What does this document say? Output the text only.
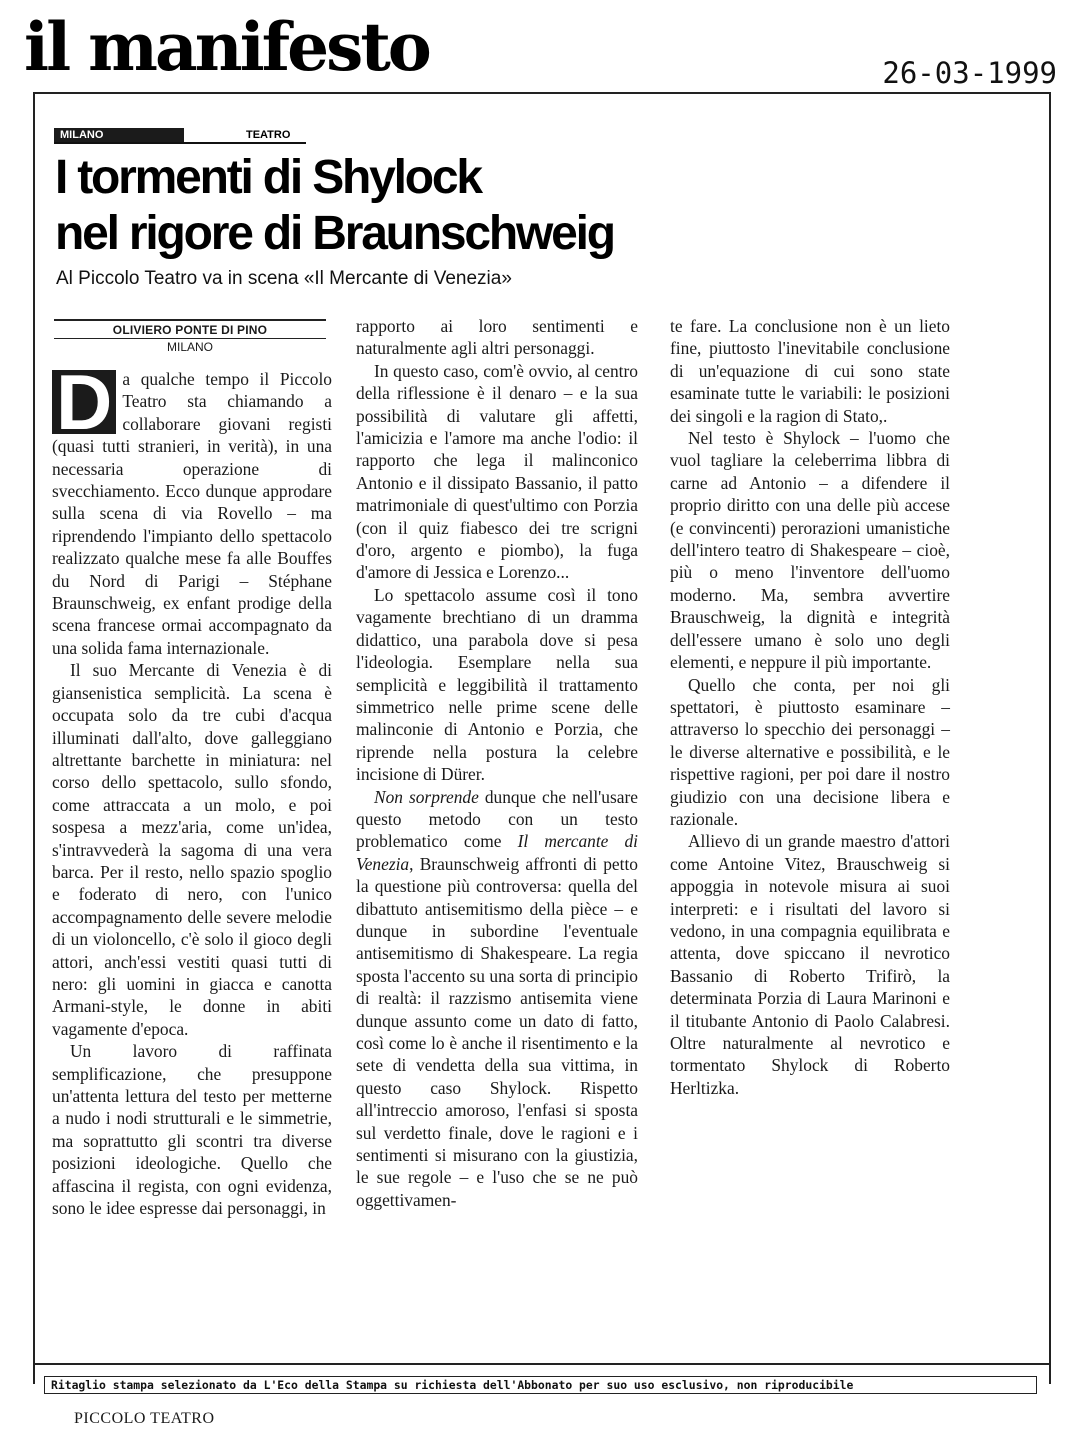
il manifesto	26-03-1999
MILANO	TEATRO
I tormenti di Shylock
nel rigore di Braunschweig
Al Piccolo Teatro va in scena «Il Mercante di Venezia»
OLIVIERO PONTE DI PINO
MILANO

D a qualche tempo il Piccolo Teatro sta chiamando a collaborare giovani registi (quasi tutti stranieri, in verità), in una necessaria operazione di svecchiamento. Ecco dunque approdare sulla scena di via Rovello – ma riprendendo l'impianto dello spettacolo realizzato qualche mese fa alle Bouffes du Nord di Parigi – Stéphane Braunschweig, ex enfant prodige della scena francese ormai accompagnato da una solida fama internazionale.

Il suo Mercante di Venezia è di giansenistica semplicità. La scena è occupata solo da tre cubi d'acqua illuminati dall'alto, dove galleggiano altrettante barchette in miniatura: nel corso dello spettacolo, sullo sfondo, come attraccata a un molo, e poi sospesa a mezz'aria, come un'idea, s'intravvederà la sagoma di una vera barca. Per il resto, nello spazio spoglio e foderato di nero, con l'unico accompagnamento delle severe melodie di un violoncello, c'è solo il gioco degli attori, anch'essi vestiti quasi tutti di nero: gli uomini in giacca e canotta Armani-style, le donne in abiti vagamente d'epoca.

Un lavoro di raffinata semplificazione, che presuppone un'attenta lettura del testo per metterne a nudo i nodi strutturali e le simmetrie, ma soprattutto gli scontri tra diverse posizioni ideologiche. Quello che affascina il regista, con ogni evidenza, sono le idee espresse dai personaggi, in

rapporto ai loro sentimenti e naturalmente agli altri personaggi.

In questo caso, com'è ovvio, al centro della riflessione è il denaro – e la sua possibilità di valutare gli affetti, l'amicizia e l'amore ma anche l'odio: il rapporto che lega il malinconico Antonio e il dissipato Bassanio, il patto matrimoniale di quest'ultimo con Porzia (con il quiz fiabesco dei tre scrigni d'oro, argento e piombo), la fuga d'amore di Jessica e Lorenzo...

Lo spettacolo assume così il tono vagamente brechtiano di un dramma didattico, una parabola dove si pesa l'ideologia. Esemplare nella sua semplicità e leggibilità il trattamento simmetrico nelle prime scene delle malinconie di Antonio e Porzia, che riprende nella postura la celebre incisione di Dürer.

Non sorprende dunque che nell'usare questo metodo con un testo problematico come Il mercante di Venezia, Braunschweig affronti di petto la questione più controversa: quella del dibattuto antisemitismo della pièce – e dunque in subordine l'eventuale antisemitismo di Shakespeare. La regia sposta l'accento su una sorta di principio di realtà: il razzismo antisemita viene dunque assunto come un dato di fatto, così come lo è anche il risentimento e la sete di vendetta della sua vittima, in questo caso Shylock. Rispetto all'intreccio amoroso, l'enfasi si sposta sul verdetto finale, dove le ragioni e i sentimenti si misurano con la giustizia, le sue regole – e l'uso che se ne può oggettivamen-

te fare. La conclusione non è un lieto fine, piuttosto l'inevitabile conclusione di un'equazione di cui sono state esaminate tutte le variabili: le posizioni dei singoli e la ragion di Stato,.

Nel testo è Shylock – l'uomo che vuol tagliare la celeberrima libbra di carne ad Antonio – a difendere il proprio diritto con una delle più accese (e convincenti) perorazioni umanistiche dell'intero teatro di Shakespeare – cioè, più o meno l'inventore dell'uomo moderno. Ma, sembra avvertire Brauschweig, la dignità e integrità dell'essere umano è solo uno degli elementi, e neppure il più importante.

Quello che conta, per noi gli spettatori, è piuttosto esaminare – attraverso lo specchio dei personaggi – le diverse alternative e possibilità, e le rispettive ragioni, per poi dare il nostro giudizio con una decisione libera e razionale.

Allievo di un grande maestro d'attori come Antoine Vitez, Brauschweig si appoggia in notevole misura ai suoi interpreti: e i risultati del lavoro si vedono, in una compagnia equilibrata e attenta, dove spiccano il nevrotico Bassanio di Roberto Trifirò, la determinata Porzia di Laura Marinoni e il titubante Antonio di Paolo Calabresi. Oltre naturalmente al nevrotico e tormentato Shylock di Roberto Herltizka.

Ritaglio stampa selezionato da L'Eco della Stampa su richiesta dell'Abbonato per suo uso esclusivo, non riproducibile
PICCOLO TEATRO
